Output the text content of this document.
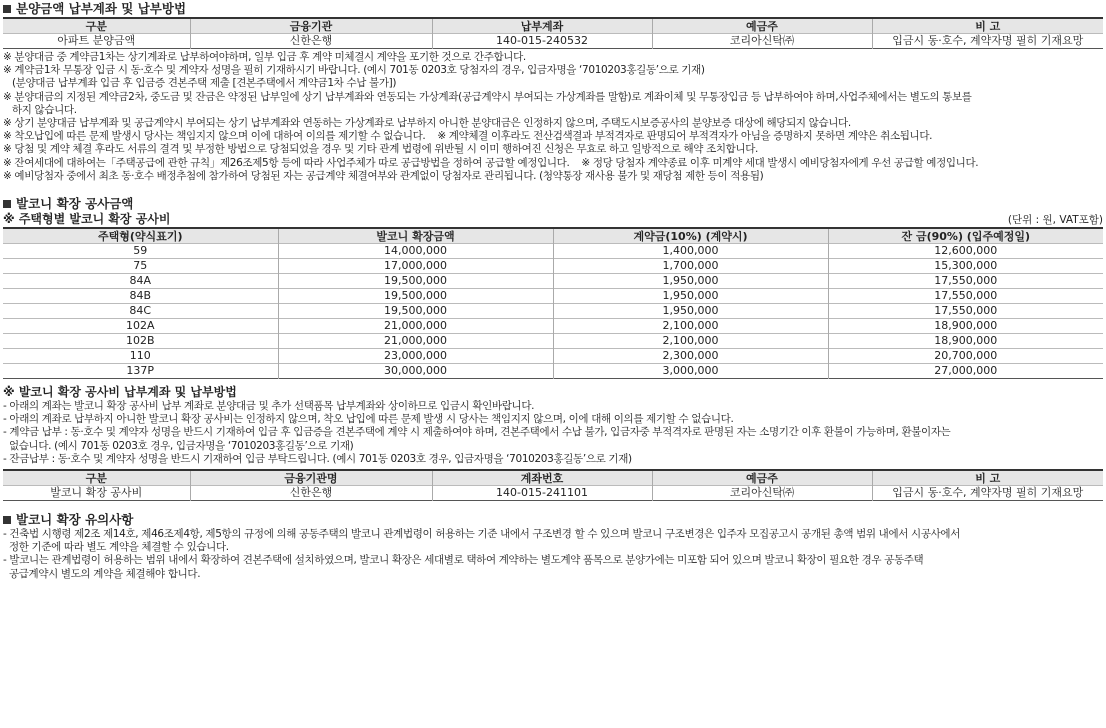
분양금액 납부계좌 및 납부방법
구분	금융기관	납부계좌	예금주	비 고
아파트 분양금액	신한은행	140-015-240532	코리아신탁㈜	입금시 동·호수, 계약자명 필히 기재요망

※ 분양대금 중 계약금1차는 상기계좌로 납부하여야하며, 일부 입금 후 계약 미체결시 계약을 포기한 것으로 간주합니다.

※ 계약금1차 무통장 입금 시 동·호수 및 계약자 성명을 필히 기재하시기 바랍니다. (예시 701동 0203호 당첨자의 경우, 입금자명을 ‘7010203홍길동’으로 기재)

(분양대금 납부계좌 입금 후 입금증 견본주택 제출 [견본주택에서 계약금1차 수납 불가])

※ 분양대금의 지정된 계약금2차, 중도금 및 잔금은 약정된 납부일에 상기 납부계좌와 연동되는 가상계좌(공급계약시 부여되는 가상계좌를 말함)로 계좌이체 및 무통장입금 등 납부하여야 하며,사업주체에서는 별도의 통보를

하지 않습니다.

※ 상기 분양대금 납부계좌 및 공급계약시 부여되는 상기 납부계좌와 연동하는 가상계좌로 납부하지 아니한 분양대금은 인정하지 않으며, 주택도시보증공사의 분양보증 대상에 해당되지 않습니다.

※ 착오납입에 따른 문제 발생시 당사는 책임지지 않으며 이에 대하여 이의를 제기할 수 없습니다.    ※ 계약체결 이후라도 전산검색결과 부적격자로 판명되어 부적격자가 아님을 증명하지 못하면 계약은 취소됩니다.

※ 당첨 및 계약 체결 후라도 서류의 결격 및 부정한 방법으로 당첨되었을 경우 및 기타 관계 법령에 위반될 시 이미 행하여진 신청은 무효로 하고 일방적으로 해약 조치합니다.

※ 잔여세대에 대하여는「주택공급에 관한 규칙」제26조제5항 등에 따라 사업주체가 따로 공급방법을 정하여 공급할 예정입니다.    ※ 정당 당첨자 계약종료 이후 미계약 세대 발생시 예비당첨자에게 우선 공급할 예정입니다.

※ 예비당첨자 중에서 최초 동·호수 배정추첨에 참가하여 당첨된 자는 공급계약 체결여부와 관계없이 당첨자로 관리됩니다. (청약통장 재사용 불가 및 재당첨 제한 등이 적용됨)

발코니 확장 공사금액
※ 주택형별 발코니 확장 공사비	(단위 : 원, VAT포함)
주택형(약식표기)	발코니 확장금액	계약금(10%) (계약시)	잔 금(90%) (입주예정일)
59	14,000,000	1,400,000	12,600,000
75	17,000,000	1,700,000	15,300,000
84A	19,500,000	1,950,000	17,550,000
84B	19,500,000	1,950,000	17,550,000
84C	19,500,000	1,950,000	17,550,000
102A	21,000,000	2,100,000	18,900,000
102B	21,000,000	2,100,000	18,900,000
110	23,000,000	2,300,000	20,700,000
137P	30,000,000	3,000,000	27,000,000
※ 발코니 확장 공사비 납부계좌 및 납부방법

- 아래의 계좌는 발코니 확장 공사비 납부 계좌로 분양대금 및 추가 선택품목 납부계좌와 상이하므로 입금시 확인바랍니다.

- 아래의 계좌로 납부하지 아니한 발코니 확장 공사비는 인정하지 않으며, 착오 납입에 따른 문제 발생 시 당사는 책임지지 않으며, 이에 대해 이의를 제기할 수 없습니다.

- 계약금 납부 : 동·호수 및 계약자 성명을 반드시 기재하여 입금 후 입금증을 견본주택에 계약 시 제출하여야 하며, 견본주택에서 수납 불가, 입금자중 부적격자로 판명된 자는 소명기간 이후 환불이 가능하며, 환불이자는

없습니다. (예시 701동 0203호 경우, 입금자명을 ‘7010203홍길동’으로 기재)

- 잔금납부 : 동·호수 및 계약자 성명을 반드시 기재하여 입금 부탁드립니다. (예시 701동 0203호 경우, 입금자명을 ‘7010203홍길동’으로 기재)

구분	금융기관명	계좌번호	예금주	비 고
발코니 확장 공사비	신한은행	140-015-241101	코리아신탁㈜	입금시 동·호수, 계약자명 필히 기재요망
발코니 확장 유의사항

- 건축법 시행령 제2조 제14호, 제46조제4항, 제5항의 규정에 의해 공동주택의 발코니 관계법령이 허용하는 기준 내에서 구조변경 할 수 있으며 발코니 구조변경은 입주자 모집공고시 공개된 총액 범위 내에서 시공사에서

정한 기준에 따라 별도 계약을 체결할 수 있습니다.

- 발코니는 관계법령이 허용하는 범위 내에서 확장하여 견본주택에 설치하였으며, 발코니 확장은 세대별로 택하여 계약하는 별도계약 품목으로 분양가에는 미포함 되어 있으며 발코니 확장이 필요한 경우 공동주택

공급계약시 별도의 계약을 체결해야 합니다.
